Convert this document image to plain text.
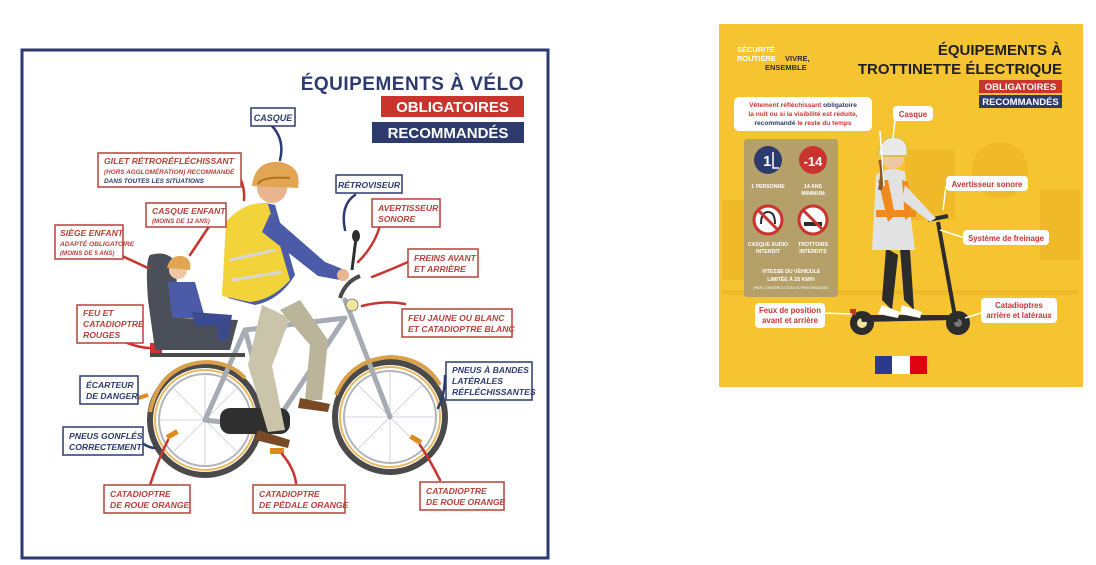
ÉQUIPEMENTS À VÉLO
OBLIGATOIRES
RECOMMANDÉS
CASQUE
GILET RÉTRORÉFLÉCHISSANT
(HORS AGGLOMÉRATION) RECOMMANDÉ
DANS TOUTES LES SITUATIONS
CASQUE ENFANT
(MOINS DE 12 ANS)
SIÈGE ENFANT
ADAPTÉ OBLIGATOIRE
(MOINS DE 5 ANS)
RÉTROVISEUR
AVERTISSEUR
SONORE
FREINS AVANT
ET ARRIÈRE
FEU ET
CATADIOPTRE
ROUGES
FEU JAUNE OU BLANC
ET CATADIOPTRE BLANC
ÉCARTEUR
DE DANGER
PNEUS À BANDES
LATÉRALES
RÉFLÉCHISSANTES
PNEUS GONFLÉS
CORRECTEMENT
CATADIOPTRE
DE ROUE ORANGE
CATADIOPTRE
DE PÉDALE ORANGE
CATADIOPTRE
DE ROUE ORANGE
SÉCURITÉ
ROUTIÈRE VIVRE,
ENSEMBLE
ÉQUIPEMENTS À
TROTTINETTE ÉLECTRIQUE
OBLIGATOIRES
RECOMMANDÉS
Vêtement réfléchissant obligatoire
la nuit ou si la visibilité est réduite,
recommandé le reste du temps
1
1 PERSONNE
-14
14 ANS
MINIMUM
CASQUE AUDIO
INTERDIT
TROTTOIRS
INTERDITS
VITESSE DU VÉHICULE
LIMITÉE À 25 KM/H
(PAR CONSTRUCTION OU PAR BRIDAGE)
Casque
Avertisseur sonore
Système de freinage
Feux de position
avant et arrière
Catadioptres
arrière et latéraux
